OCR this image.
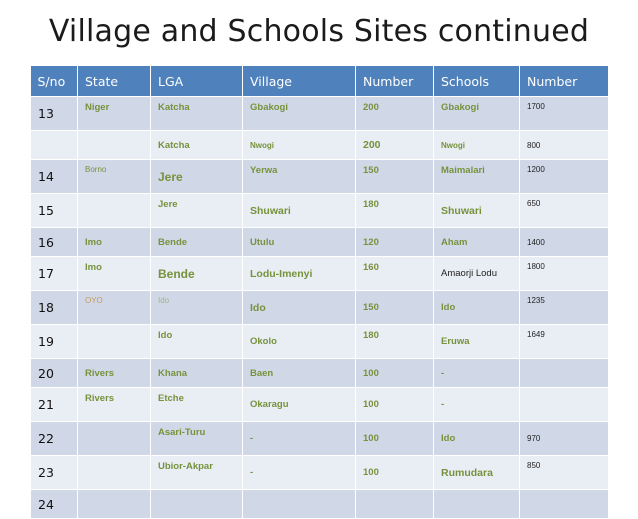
Village and Schools Sites continued
S/no	State	LGA	Village	Number	Schools	Number
13	Niger	Katcha	Gbakogi	200	Gbakogi	1700
		Katcha	Nwogi	200	Nwogi	800
14	Borno	Jere	Yerwa	150	Maimalari	1200
15		Jere	Shuwari	180	Shuwari	650
16	Imo	Bende	Utulu	120	Aham	1400
17	Imo	Bende	Lodu-Imenyi	160	Amaorji Lodu	1800
18	OYO	Ido	Ido	150	Ido	1235
19		Ido	Okolo	180	Eruwa	1649
20	Rivers	Khana	Baen	100	-	
21	Rivers	Etche	Okaragu	100	-	
22		Asari-Turu	-	100	Ido	970
23		Ubior-Akpar	-	100	Rumudara	850
24						
